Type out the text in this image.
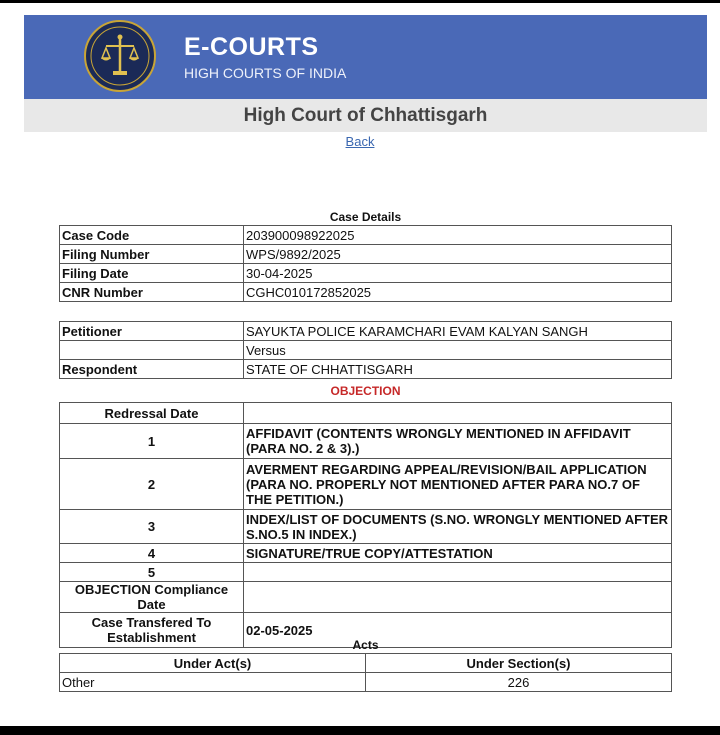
E-COURTS
HIGH COURTS OF INDIA
High Court of Chhattisgarh
Back
Case Details
Case Code	203900098922025
Filing Number	WPS/9892/2025
Filing Date	30-04-2025
CNR Number	CGHC010172852025
Petitioner	SAYUKTA POLICE KARAMCHARI EVAM KALYAN SANGH
	Versus
Respondent	STATE OF CHHATTISGARH
OBJECTION
Redressal Date	
1	AFFIDAVIT (CONTENTS WRONGLY MENTIONED IN AFFIDAVIT (PARA NO. 2 & 3).)
2	AVERMENT REGARDING APPEAL/REVISION/BAIL APPLICATION (PARA NO. PROPERLY NOT MENTIONED AFTER PARA NO.7 OF THE PETITION.)
3	INDEX/LIST OF DOCUMENTS (S.NO. WRONGLY MENTIONED AFTER S.NO.5 IN INDEX.)
4	SIGNATURE/TRUE COPY/ATTESTATION
5	
OBJECTION Compliance Date	
Case Transfered To Establishment	02-05-2025
Acts
Under Act(s)	Under Section(s)
Other	226
